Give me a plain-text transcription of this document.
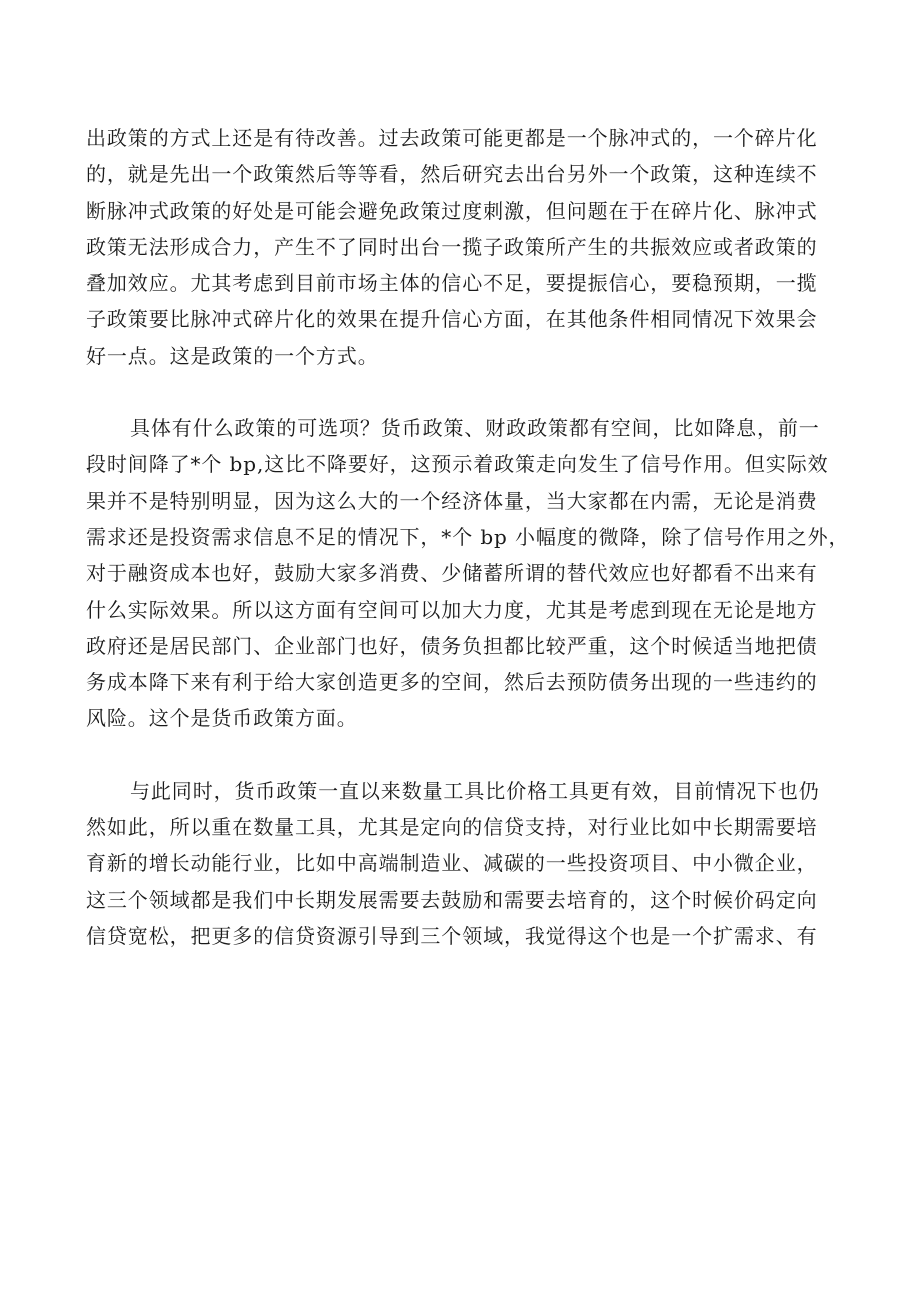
出政策的方式上还是有待改善。过去政策可能更都是一个脉冲式的，一个碎片化
的，就是先出一个政策然后等等看，然后研究去出台另外一个政策，这种连续不
断脉冲式政策的好处是可能会避免政策过度刺激，但问题在于在碎片化、脉冲式
政策无法形成合力，产生不了同时出台一揽子政策所产生的共振效应或者政策的
叠加效应。尤其考虑到目前市场主体的信心不足，要提振信心，要稳预期，一揽
子政策要比脉冲式碎片化的效果在提升信心方面，在其他条件相同情况下效果会
好一点。这是政策的一个方式。
具体有什么政策的可选项？货币政策、财政政策都有空间，比如降息，前一
段时间降了*个 bp,这比不降要好，这预示着政策走向发生了信号作用。但实际效
果并不是特别明显，因为这么大的一个经济体量，当大家都在内需，无论是消费
需求还是投资需求信息不足的情况下，*个 bp 小幅度的微降，除了信号作用之外，
对于融资成本也好，鼓励大家多消费、少储蓄所谓的替代效应也好都看不出来有
什么实际效果。所以这方面有空间可以加大力度，尤其是考虑到现在无论是地方
政府还是居民部门、企业部门也好，债务负担都比较严重，这个时候适当地把债
务成本降下来有利于给大家创造更多的空间，然后去预防债务出现的一些违约的
风险。这个是货币政策方面。
与此同时，货币政策一直以来数量工具比价格工具更有效，目前情况下也仍
然如此，所以重在数量工具，尤其是定向的信贷支持，对行业比如中长期需要培
育新的增长动能行业，比如中高端制造业、减碳的一些投资项目、中小微企业，
这三个领域都是我们中长期发展需要去鼓励和需要去培育的，这个时候价码定向
信贷宽松，把更多的信贷资源引导到三个领域，我觉得这个也是一个扩需求、有
